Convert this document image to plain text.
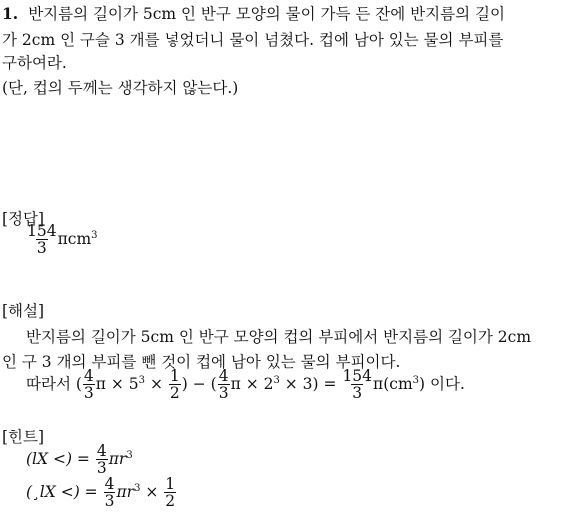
1. 반지름의 길이가 5cm 인 반구 모양의 물이 가득 든 잔에 반지름의 길이
가 2cm 인 구슬 3 개를 넣었더니 물이 넘쳤다. 컵에 남아 있는 물의 부피를
구하여라.
(단, 컵의 두께는 생각하지 않는다.)
[정답]
$\frac{154}{3} \pi cm^3$
[해설]
반지름의 길이가 5cm 인 반구 모양의 컵의 부피에서 반지름의 길이가 2cm
인 구 3 개의 부피를 뺀 것이 컵에 남아 있는 물의 부피이다.
따라서 ( $\frac{4}{3}$ $\pi \times 5^3 \times \frac{1}{2}$ ) − ( $\frac{4}{3}$ $\pi \times 2^3 \times 3) = \frac{154}{3} \pi(cm^3)$ 이다.
[힌트]
(lX <) = $\frac{4}{3} \pi r^3$
(¸lX <) = $\frac{4}{3} \pi r^3 \times \frac{1}{2}$
